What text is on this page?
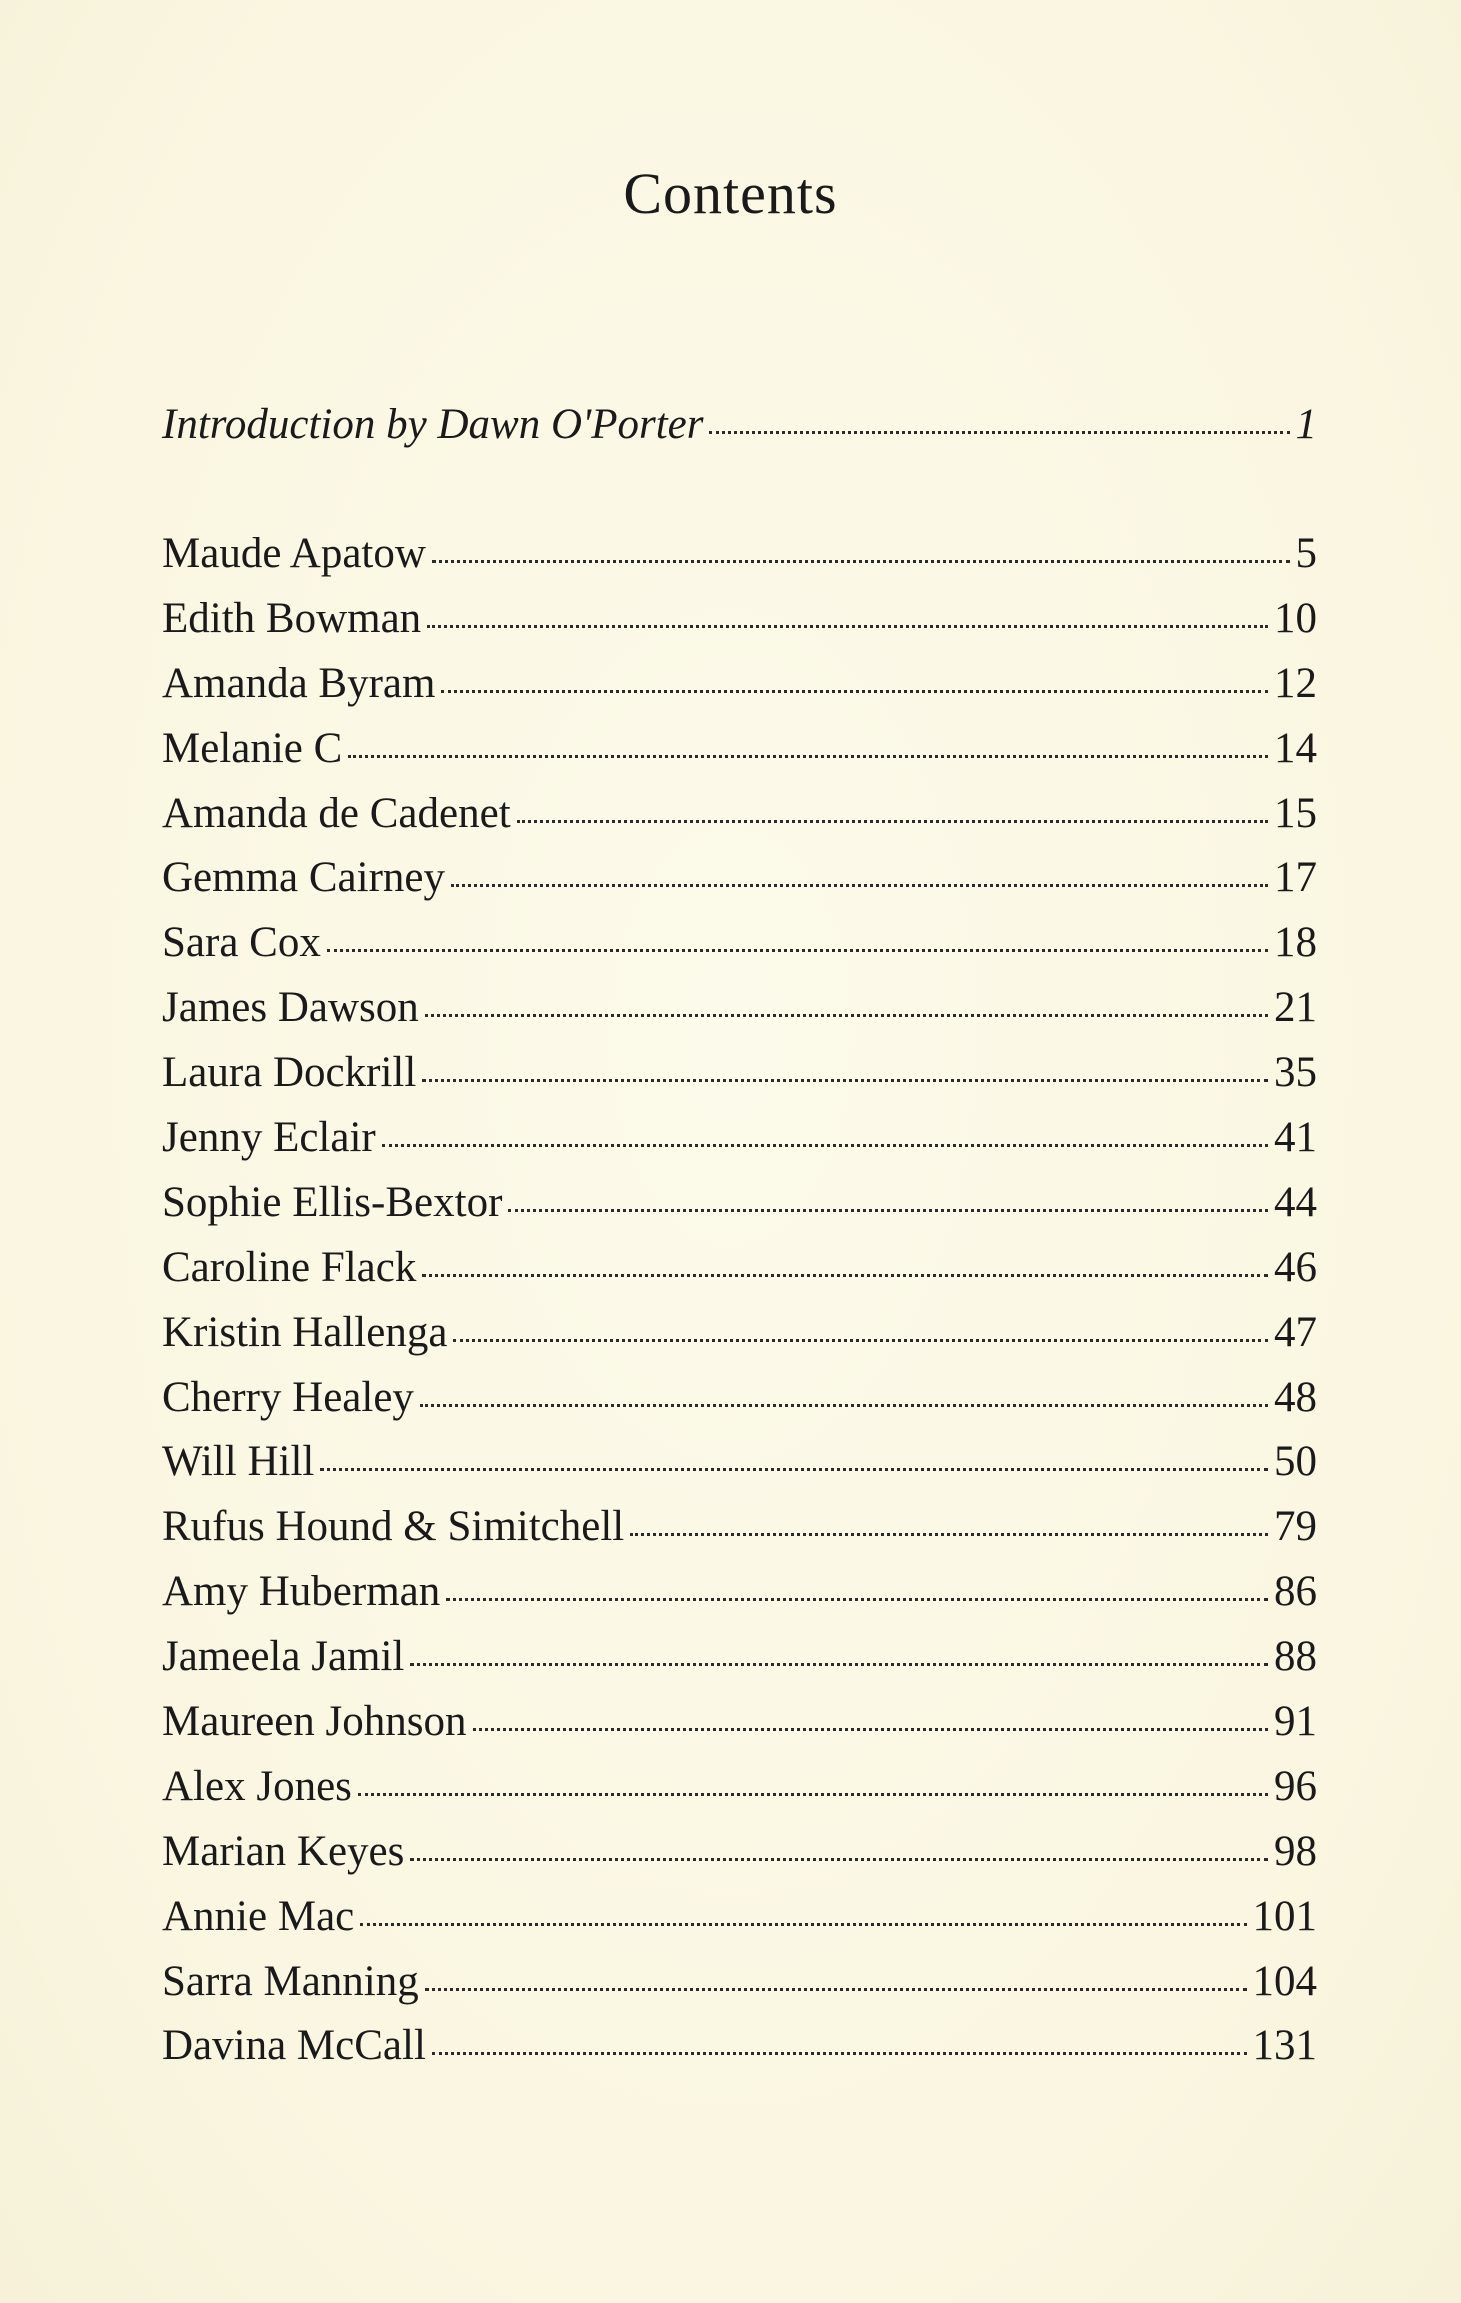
Contents
Introduction by Dawn O'Porter	1
Maude Apatow	5
Edith Bowman	10
Amanda Byram	12
Melanie C	14
Amanda de Cadenet	15
Gemma Cairney	17
Sara Cox	18
James Dawson	21
Laura Dockrill	35
Jenny Eclair	41
Sophie Ellis-Bextor	44
Caroline Flack	46
Kristin Hallenga	47
Cherry Healey	48
Will Hill	50
Rufus Hound & Simitchell	79
Amy Huberman	86
Jameela Jamil	88
Maureen Johnson	91
Alex Jones	96
Marian Keyes	98
Annie Mac	101
Sarra Manning	104
Davina McCall	131
